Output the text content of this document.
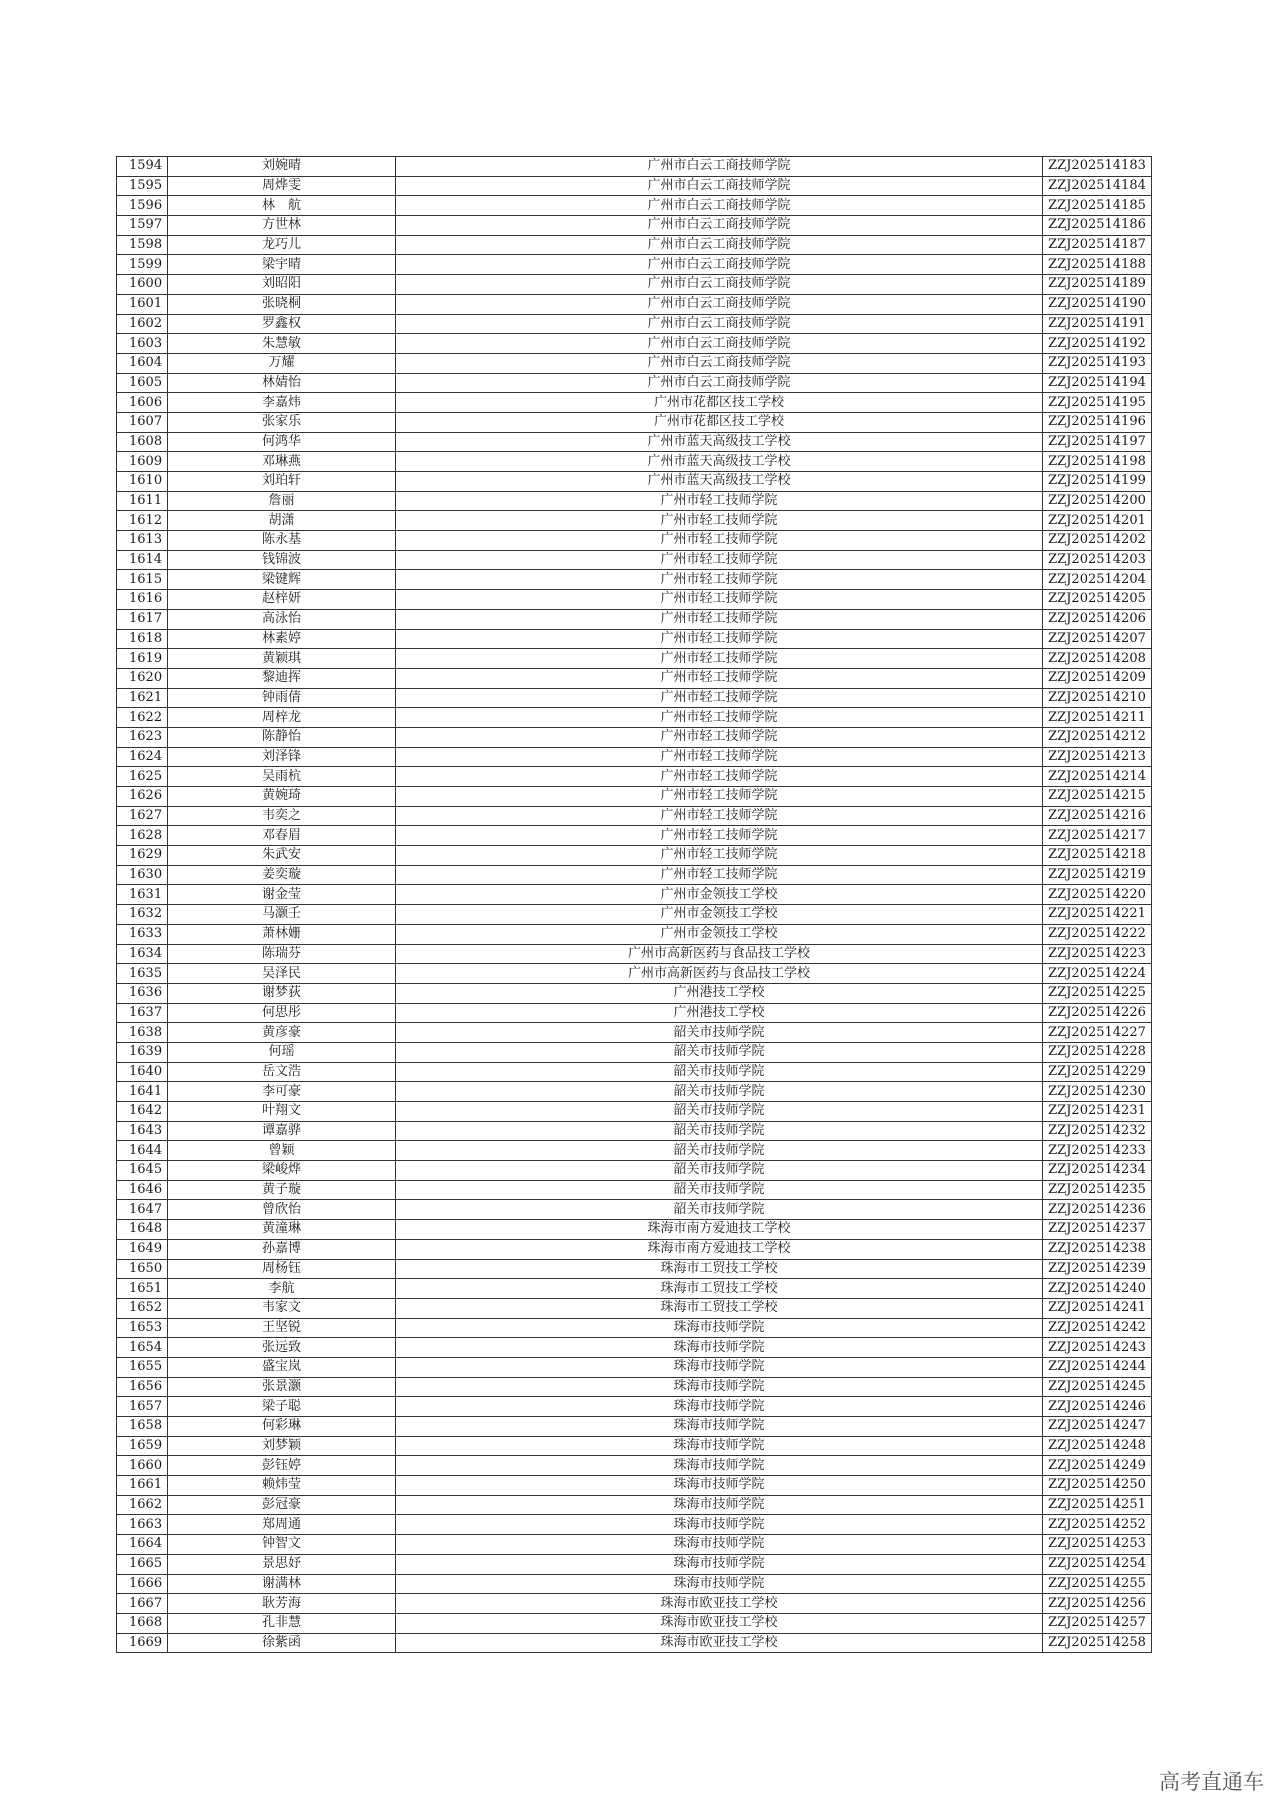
1594	刘婉晴	广州市白云工商技师学院	ZZJ202514183
1595	周烨雯	广州市白云工商技师学院	ZZJ202514184
1596	林　航	广州市白云工商技师学院	ZZJ202514185
1597	方世林	广州市白云工商技师学院	ZZJ202514186
1598	龙巧儿	广州市白云工商技师学院	ZZJ202514187
1599	梁宇晴	广州市白云工商技师学院	ZZJ202514188
1600	刘昭阳	广州市白云工商技师学院	ZZJ202514189
1601	张晓桐	广州市白云工商技师学院	ZZJ202514190
1602	罗鑫权	广州市白云工商技师学院	ZZJ202514191
1603	朱慧敏	广州市白云工商技师学院	ZZJ202514192
1604	万耀	广州市白云工商技师学院	ZZJ202514193
1605	林婧怡	广州市白云工商技师学院	ZZJ202514194
1606	李嘉炜	广州市花都区技工学校	ZZJ202514195
1607	张家乐	广州市花都区技工学校	ZZJ202514196
1608	何鸿华	广州市蓝天高级技工学校	ZZJ202514197
1609	邓琳燕	广州市蓝天高级技工学校	ZZJ202514198
1610	刘珀轩	广州市蓝天高级技工学校	ZZJ202514199
1611	詹丽	广州市轻工技师学院	ZZJ202514200
1612	胡潇	广州市轻工技师学院	ZZJ202514201
1613	陈永基	广州市轻工技师学院	ZZJ202514202
1614	钱锦波	广州市轻工技师学院	ZZJ202514203
1615	梁键辉	广州市轻工技师学院	ZZJ202514204
1616	赵梓妍	广州市轻工技师学院	ZZJ202514205
1617	高泳怡	广州市轻工技师学院	ZZJ202514206
1618	林素婷	广州市轻工技师学院	ZZJ202514207
1619	黄颖琪	广州市轻工技师学院	ZZJ202514208
1620	黎迪挥	广州市轻工技师学院	ZZJ202514209
1621	钟雨倩	广州市轻工技师学院	ZZJ202514210
1622	周梓龙	广州市轻工技师学院	ZZJ202514211
1623	陈静怡	广州市轻工技师学院	ZZJ202514212
1624	刘泽锋	广州市轻工技师学院	ZZJ202514213
1625	吴雨杭	广州市轻工技师学院	ZZJ202514214
1626	黄婉琦	广州市轻工技师学院	ZZJ202514215
1627	韦奕之	广州市轻工技师学院	ZZJ202514216
1628	邓春眉	广州市轻工技师学院	ZZJ202514217
1629	朱武安	广州市轻工技师学院	ZZJ202514218
1630	姜奕璇	广州市轻工技师学院	ZZJ202514219
1631	谢金莹	广州市金领技工学校	ZZJ202514220
1632	马灏壬	广州市金领技工学校	ZZJ202514221
1633	萧林姗	广州市金领技工学校	ZZJ202514222
1634	陈瑞芬	广州市高新医药与食品技工学校	ZZJ202514223
1635	吴泽民	广州市高新医药与食品技工学校	ZZJ202514224
1636	谢梦荻	广州港技工学校	ZZJ202514225
1637	何思彤	广州港技工学校	ZZJ202514226
1638	黄彦豪	韶关市技师学院	ZZJ202514227
1639	何瑶	韶关市技师学院	ZZJ202514228
1640	岳文浩	韶关市技师学院	ZZJ202514229
1641	李可豪	韶关市技师学院	ZZJ202514230
1642	叶翔文	韶关市技师学院	ZZJ202514231
1643	谭嘉骅	韶关市技师学院	ZZJ202514232
1644	曾颖	韶关市技师学院	ZZJ202514233
1645	梁峻烨	韶关市技师学院	ZZJ202514234
1646	黄子璇	韶关市技师学院	ZZJ202514235
1647	曾欣怡	韶关市技师学院	ZZJ202514236
1648	黄潼琳	珠海市南方爱迪技工学校	ZZJ202514237
1649	孙嘉博	珠海市南方爱迪技工学校	ZZJ202514238
1650	周杨钰	珠海市工贸技工学校	ZZJ202514239
1651	李航	珠海市工贸技工学校	ZZJ202514240
1652	韦家文	珠海市工贸技工学校	ZZJ202514241
1653	王坚锐	珠海市技师学院	ZZJ202514242
1654	张远致	珠海市技师学院	ZZJ202514243
1655	盛宝岚	珠海市技师学院	ZZJ202514244
1656	张景灏	珠海市技师学院	ZZJ202514245
1657	梁子聪	珠海市技师学院	ZZJ202514246
1658	何彩琳	珠海市技师学院	ZZJ202514247
1659	刘梦颖	珠海市技师学院	ZZJ202514248
1660	彭钰婷	珠海市技师学院	ZZJ202514249
1661	赖炜莹	珠海市技师学院	ZZJ202514250
1662	彭冠豪	珠海市技师学院	ZZJ202514251
1663	郑周通	珠海市技师学院	ZZJ202514252
1664	钟智文	珠海市技师学院	ZZJ202514253
1665	景思妤	珠海市技师学院	ZZJ202514254
1666	谢满林	珠海市技师学院	ZZJ202514255
1667	耿芳海	珠海市欧亚技工学校	ZZJ202514256
1668	孔非慧	珠海市欧亚技工学校	ZZJ202514257
1669	徐紫函	珠海市欧亚技工学校	ZZJ202514258
高考直通车
